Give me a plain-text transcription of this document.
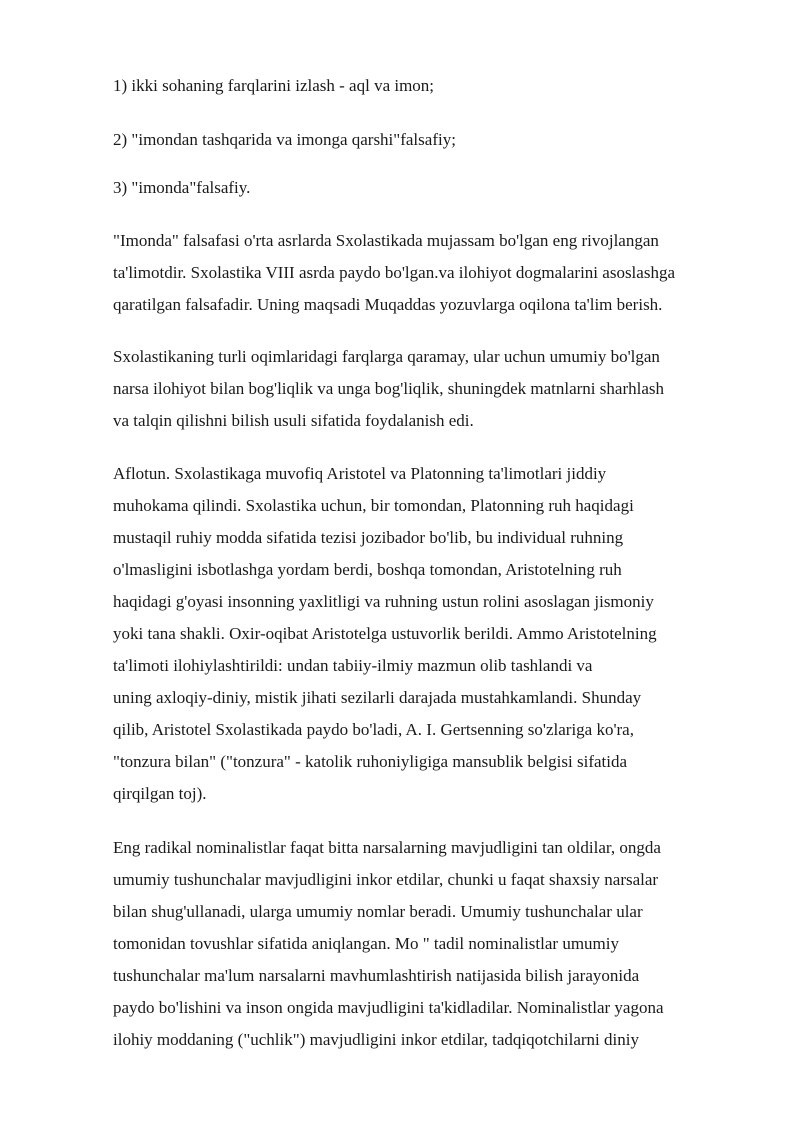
1) ikki sohaning farqlarini izlash - aql va imon;
2) "imondan tashqarida va imonga qarshi"falsafiy;
3) "imonda"falsafiy.
"Imonda" falsafasi o'rta asrlarda Sxolastikada mujassam bo'lgan eng rivojlangan
ta'limotdir. Sxolastika VIII asrda paydo bo'lgan.va ilohiyot dogmalarini asoslashga
qaratilgan falsafadir. Uning maqsadi Muqaddas yozuvlarga oqilona ta'lim berish.
Sxolastikaning turli oqimlaridagi farqlarga qaramay, ular uchun umumiy bo'lgan
narsa ilohiyot bilan bog'liqlik va unga bog'liqlik, shuningdek matnlarni sharhlash
va talqin qilishni bilish usuli sifatida foydalanish edi.
Aflotun. Sxolastikaga muvofiq Aristotel va Platonning ta'limotlari jiddiy
muhokama qilindi. Sxolastika uchun, bir tomondan, Platonning ruh haqidagi
mustaqil ruhiy modda sifatida tezisi jozibador bo'lib, bu individual ruhning
o'lmasligini isbotlashga yordam berdi, boshqa tomondan, Aristotelning ruh
haqidagi g'oyasi insonning yaxlitligi va ruhning ustun rolini asoslagan jismoniy
yoki tana shakli. Oxir-oqibat Aristotelga ustuvorlik berildi. Ammo Aristotelning
ta'limoti ilohiylashtirildi: undan tabiiy-ilmiy mazmun olib tashlandi va
uning axloqiy-diniy, mistik jihati sezilarli darajada mustahkamlandi. Shunday
qilib, Aristotel Sxolastikada paydo bo'ladi, A. I. Gertsenning so'zlariga ko'ra,
"tonzura bilan" ("tonzura" - katolik ruhoniyligiga mansublik belgisi sifatida
qirqilgan toj).
Eng radikal nominalistlar faqat bitta narsalarning mavjudligini tan oldilar, ongda
umumiy tushunchalar mavjudligini inkor etdilar, chunki u faqat shaxsiy narsalar
bilan shug'ullanadi, ularga umumiy nomlar beradi. Umumiy tushunchalar ular
tomonidan tovushlar sifatida aniqlangan. Mo " tadil nominalistlar umumiy
tushunchalar ma'lum narsalarni mavhumlashtirish natijasida bilish jarayonida
paydo bo'lishini va inson ongida mavjudligini ta'kidladilar. Nominalistlar yagona
ilohiy moddaning ("uchlik") mavjudligini inkor etdilar, tadqiqotchilarni diniy
